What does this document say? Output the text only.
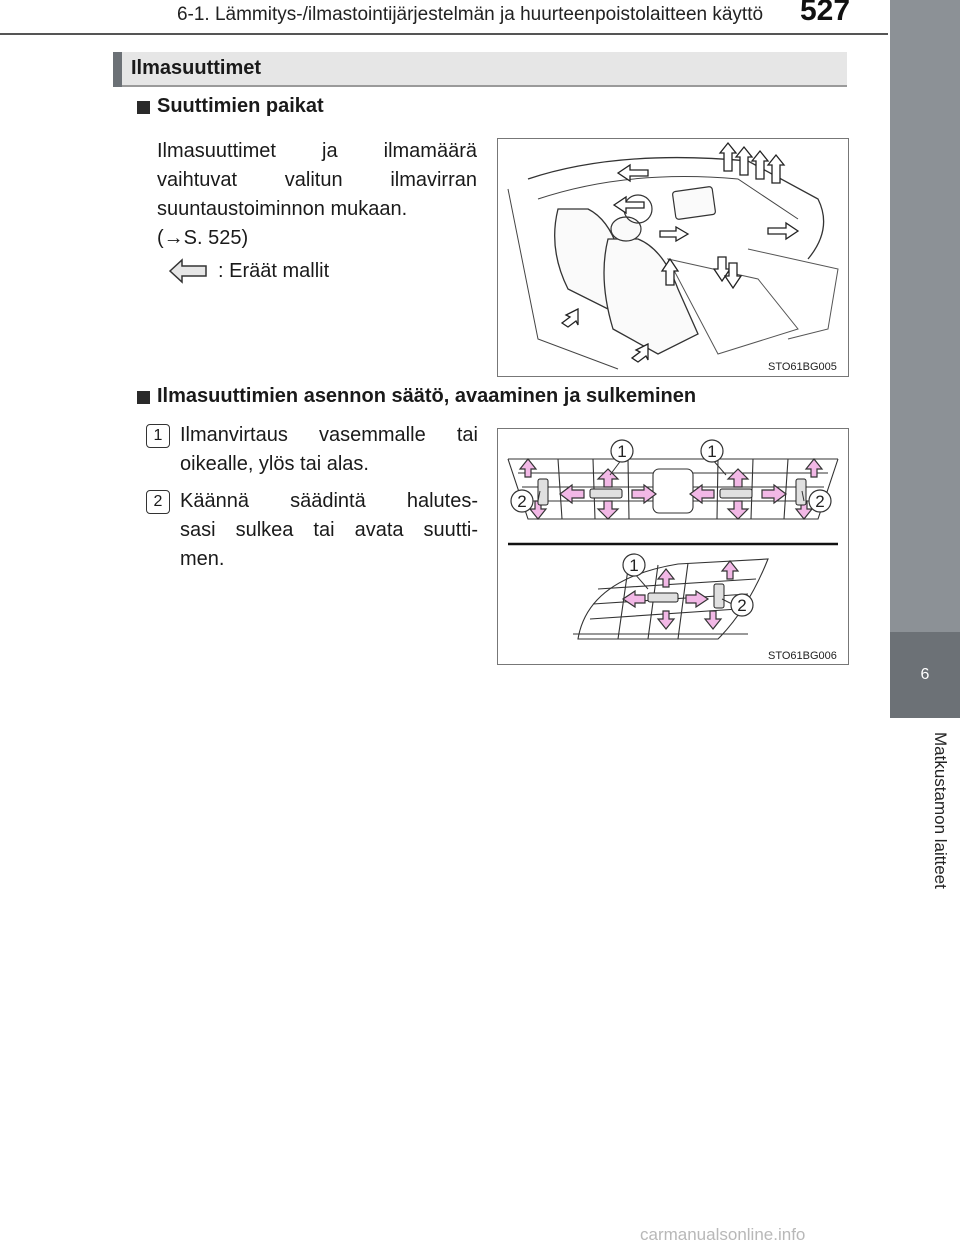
6-1. Lämmitys-/ilmastointijärjestelmän ja huurteenpoistolaitteen käyttö	527
6
Matkustamon laitteet
Ilmasuuttimet
Suuttimien paikat
Ilmasuuttimet ja ilmamäärä
vaihtuvat valitun ilmavirran
suuntaustoiminnon mukaan.
(→S. 525)
: Eräät mallit
STO61BG005
Ilmasuuttimien asennon säätö, avaaminen ja sulkeminen
1 Ilmanvirtaus vasemmalle tai
oikealle, ylös tai alas.
2 Käännä säädintä halutes-
sasi sulkea tai avata suutti-
men.
1	1
2	2
1
2
STO61BG006
carmanualsonline.info
